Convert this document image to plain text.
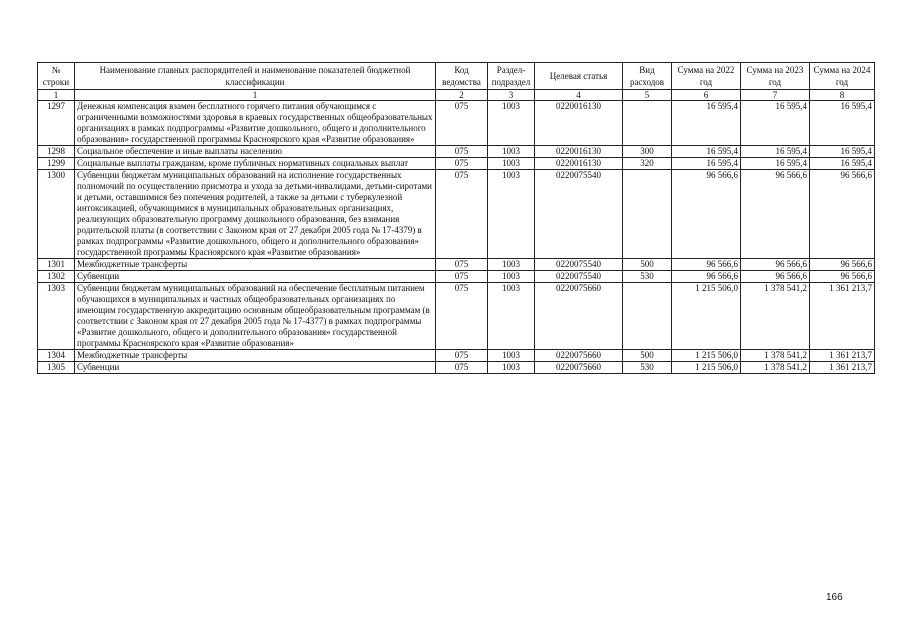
№ строки	Наименование главных распорядителей и наименование показателей бюджетной классификации	Код ведомства	Раздел-подраздел	Целевая статья	Вид расходов	Сумма на 2022 год	Сумма на 2023 год	Сумма на 2024 год
1	1	2	3	4	5	6	7	8
1297	Денежная компенсация взамен бесплатного горячего питания обучающимся с ограниченными возможностями здоровья в краевых государственных общеобразовательных организациях в рамках подпрограммы «Развитие дошкольного, общего и дополнительного образования» государственной программы Красноярского края «Развитие образования»	075	1003	0220016130		16 595,4	16 595,4	16 595,4
1298	Социальное обеспечение и иные выплаты населению	075	1003	0220016130	300	16 595,4	16 595,4	16 595,4
1299	Социальные выплаты гражданам, кроме публичных нормативных социальных выплат	075	1003	0220016130	320	16 595,4	16 595,4	16 595,4
1300	Субвенции бюджетам муниципальных образований на исполнение государственных полномочий по осуществлению присмотра и ухода за детьми-инвалидами, детьми-сиротами и детьми, оставшимися без попечения родителей, а также за детьми с туберкулезной интоксикацией, обучающимися в муниципальных образовательных организациях, реализующих образовательную программу дошкольного образования, без взимания родительской платы (в соответствии с Законом края от 27 декабря 2005 года № 17-4379) в рамках подпрограммы «Развитие дошкольного, общего и дополнительного образования» государственной программы Красноярского края «Развитие образования»	075	1003	0220075540		96 566,6	96 566,6	96 566,6
1301	Межбюджетные трансферты	075	1003	0220075540	500	96 566,6	96 566,6	96 566,6
1302	Субвенции	075	1003	0220075540	530	96 566,6	96 566,6	96 566,6
1303	Субвенции бюджетам муниципальных образований на обеспечение бесплатным питанием обучающихся в муниципальных и частных общеобразовательных организациях по имеющим государственную аккредитацию основным общеобразовательным программам (в соответствии с Законом края от 27 декабря 2005 года № 17-4377) в рамках подпрограммы «Развитие дошкольного, общего и дополнительного образования» государственной программы Красноярского края «Развитие образования»	075	1003	0220075660		1 215 506,0	1 378 541,2	1 361 213,7
1304	Межбюджетные трансферты	075	1003	0220075660	500	1 215 506,0	1 378 541,2	1 361 213,7
1305	Субвенции	075	1003	0220075660	530	1 215 506,0	1 378 541,2	1 361 213,7
166
